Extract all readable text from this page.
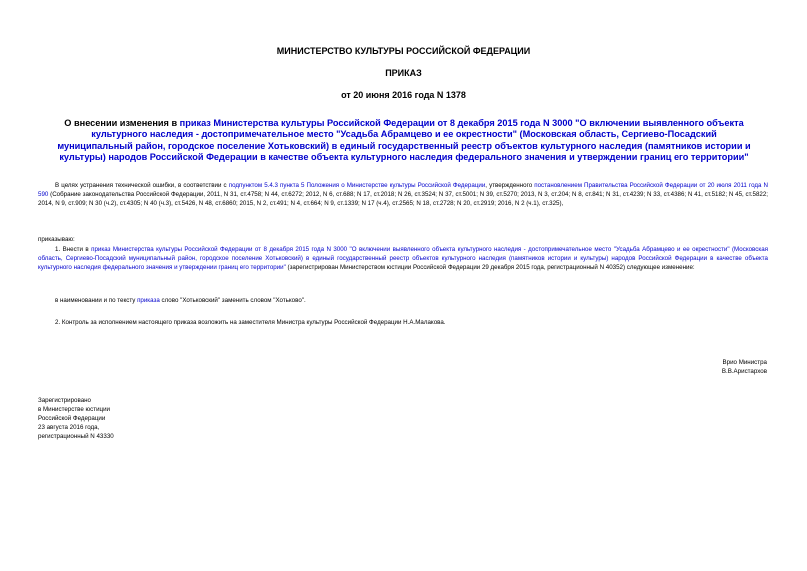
МИНИСТЕРСТВО КУЛЬТУРЫ РОССИЙСКОЙ ФЕДЕРАЦИИ
ПРИКАЗ
от 20 июня 2016 года N 1378
О внесении изменения в приказ Министерства культуры Российской Федерации от 8 декабря 2015 года N 3000 "О включении выявленного объекта культурного наследия - достопримечательное место "Усадьба Абрамцево и ее окрестности" (Московская область, Сергиево-Посадский муниципальный район, городское поселение Хотьковский) в единый государственный реестр объектов культурного наследия (памятников истории и культуры) народов Российской Федерации в качестве объекта культурного наследия федерального значения и утверждении границ его территории"
В целях устранения технической ошибки, в соответствии с подпунктом 5.4.3 пункта 5 Положения о Министерстве культуры Российской Федерации, утвержденного постановлением Правительства Российской Федерации от 20 июля 2011 года N 590 (Собрание законодательства Российской Федерации, 2011, N 31, ст.4758; N 44, ст.6272; 2012, N 6, ст.688; N 17, ст.2018; N 26, ст.3524; N 37, ст.5001; N 39, ст.5270; 2013, N 3, ст.204; N 8, ст.841; N 31, ст.4239; N 33, ст.4386; N 41, ст.5182; N 45, ст.5822; 2014, N 9, ст.909; N 30 (ч.2), ст.4305; N 40 (ч.3), ст.5426, N 48, ст.6860; 2015, N 2, ст.491; N 4, ст.664; N 9, ст.1339; N 17 (ч.4), ст.2565; N 18, ст.2728; N 20, ст.2919; 2016, N 2 (ч.1), ст.325),
приказываю:
1. Внести в приказ Министерства культуры Российской Федерации от 8 декабря 2015 года N 3000 "О включении выявленного объекта культурного наследия - достопримечательное место "Усадьба Абрамцево и ее окрестности" (Московская область, Сергиево-Посадский муниципальный район, городское поселение Хотьковский) в единый государственный реестр объектов культурного наследия (памятников истории и культуры) народов Российской Федерации в качестве объекта культурного наследия федерального значения и утверждении границ его территории" (зарегистрирован Министерством юстиции Российской Федерации 29 декабря 2015 года, регистрационный N 40352) следующее изменение:
в наименовании и по тексту приказа слово "Хотьковский" заменить словом "Хотьково".
2. Контроль за исполнением настоящего приказа возложить на заместителя Министра культуры Российской Федерации Н.А.Малакова.
Врио Министра
В.В.Аристархов
Зарегистрировано
в Министерстве юстиции
Российской Федерации
23 августа 2016 года,
регистрационный N 43330
